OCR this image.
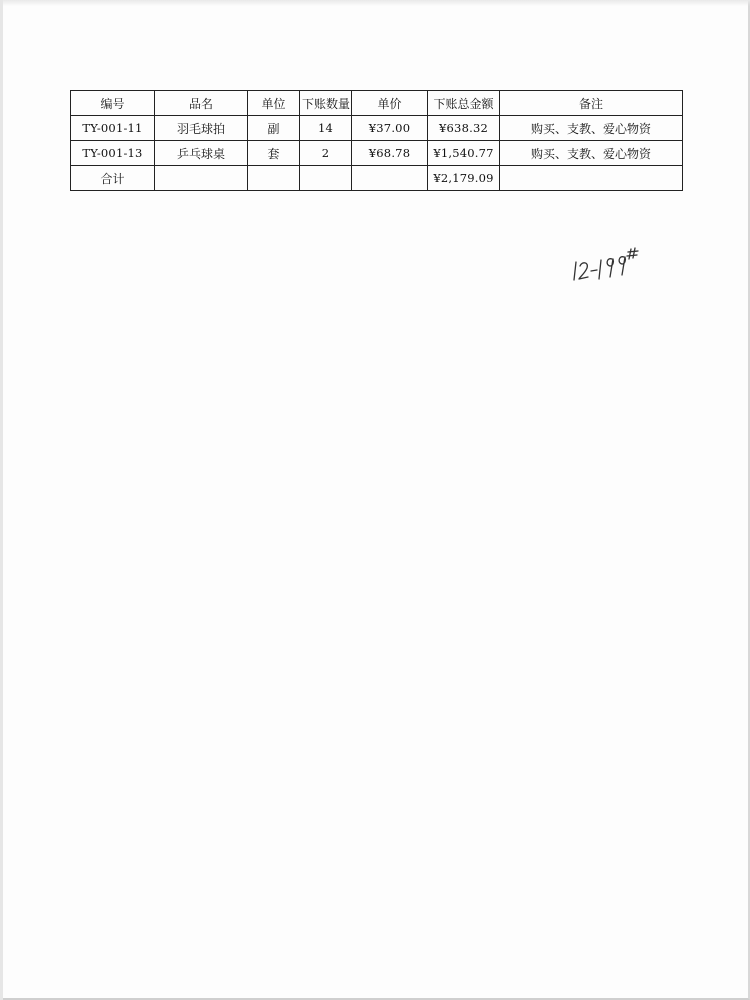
编号	品名	单位	下账数量	单价	下账总金额	备注
TY-001-11	羽毛球拍	副	14	¥37.00	¥638.32	购买、支教、爱心物资
TY-001-13	乒乓球桌	套	2	¥68.78	¥1,540.77	购买、支教、爱心物资
合计					¥2,179.09	
